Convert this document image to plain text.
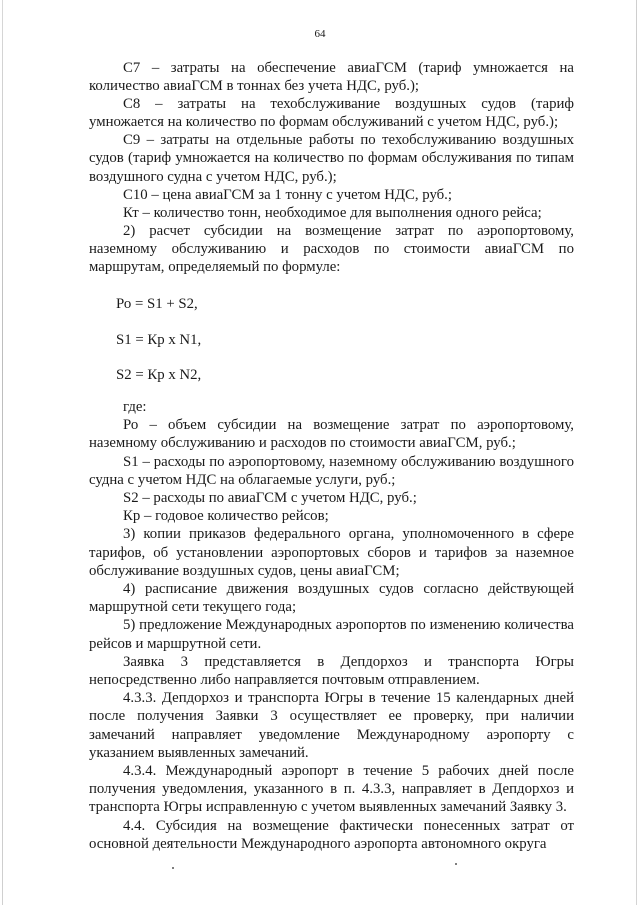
64

С7 – затраты на обеспечение авиаГСМ (тариф умножается на количество авиаГСМ в тоннах без учета НДС, руб.);

С8 – затраты на техобслуживание воздушных судов (тариф умножается на количество по формам обслуживаний с учетом НДС, руб.);

С9 – затраты на отдельные работы по техобслуживанию воздушных судов (тариф умножается на количество по формам обслуживания по типам воздушного судна с учетом НДС, руб.);

С10 – цена авиаГСМ за 1 тонну с учетом НДС, руб.;

Кт – количество тонн, необходимое для выполнения одного рейса;

2) расчет субсидии на возмещение затрат по аэропортовому, наземному обслуживанию и расходов по стоимости авиаГСМ по маршрутам, определяемый по формуле:

Ро = S1 + S2,
S1 = Кр х N1,
S2 = Кр х N2,

где:

Ро – объем субсидии на возмещение затрат по аэропортовому, наземному обслуживанию и расходов по стоимости авиаГСМ, руб.;

S1 – расходы по аэропортовому, наземному обслуживанию воздушного судна с учетом НДС на облагаемые услуги, руб.;

S2 – расходы по авиаГСМ с учетом НДС, руб.;

Кр – годовое количество рейсов;

3) копии приказов федерального органа, уполномоченного в сфере тарифов, об установлении аэропортовых сборов и тарифов за наземное обслуживание воздушных судов, цены авиаГСМ;

4) расписание движения воздушных судов согласно действующей маршрутной сети текущего года;

5) предложение Международных аэропортов по изменению количества рейсов и маршрутной сети.

Заявка 3 представляется в Депдорхоз и транспорта Югры непосредственно либо направляется почтовым отправлением.

4.3.3. Депдорхоз и транспорта Югры в течение 15 календарных дней после получения Заявки 3 осуществляет ее проверку, при наличии замечаний направляет уведомление Международному аэропорту с указанием выявленных замечаний.

4.3.4. Международный аэропорт в течение 5 рабочих дней после получения уведомления, указанного в п. 4.3.3, направляет в Депдорхоз и транспорта Югры исправленную с учетом выявленных замечаний Заявку 3.

4.4. Субсидия на возмещение фактически понесенных затрат от основной деятельности Международного аэропорта автономного округа
